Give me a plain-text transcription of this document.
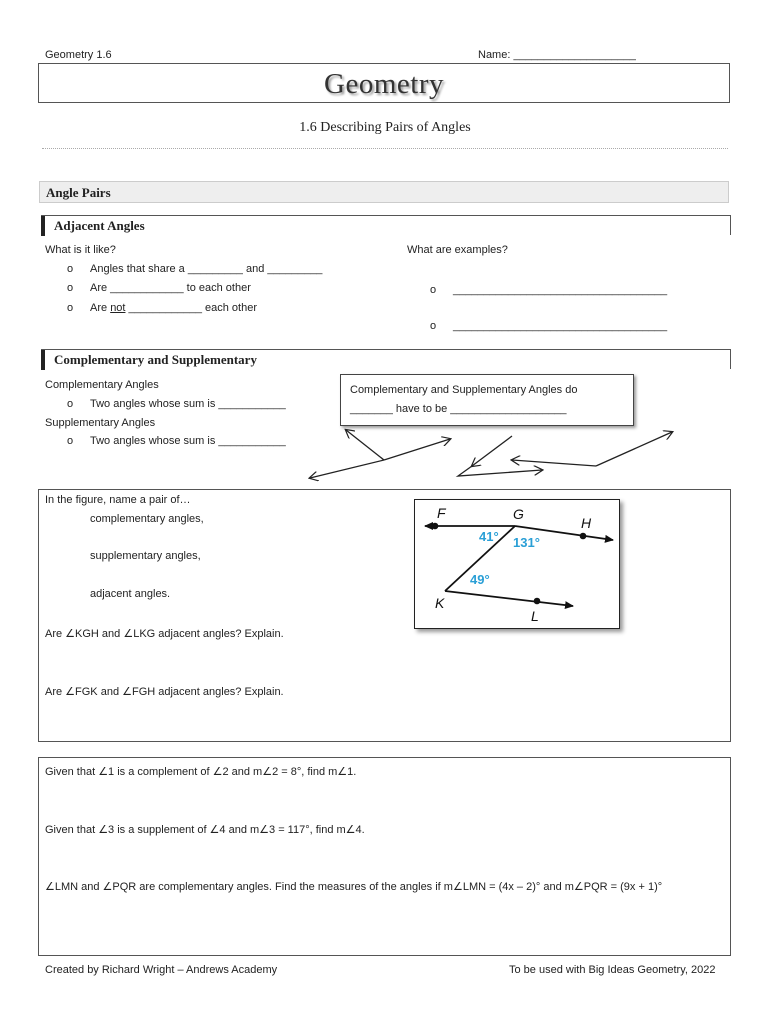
Geometry 1.6	Name: ____________________
Geometry
1.6 Describing Pairs of Angles
Angle Pairs
Adjacent Angles
What is it like?	What are examples?
o Angles that share a _________ and _________
o Are ____________ to each other
o Are not ____________ each other
o ___________________________________
o ___________________________________
Complementary and Supplementary
Complementary Angles
o Two angles whose sum is ___________
Supplementary Angles
o Two angles whose sum is ___________
Complementary and Supplementary Angles do
_______ have to be ___________________
In the figure, name a pair of…
complementary angles,
supplementary angles,
adjacent angles.
Are ∠KGH and ∠LKG adjacent angles? Explain.
Are ∠FGK and ∠FGH adjacent angles? Explain.
F	G
H
K
L
41° 131°
49°
Given that ∠1 is a complement of ∠2 and m∠2 = 8°, find m∠1.
Given that ∠3 is a supplement of ∠4 and m∠3 = 117°, find m∠4.
∠LMN and ∠PQR are complementary angles. Find the measures of the angles if m∠LMN = (4x – 2)° and m∠PQR = (9x + 1)°
Created by Richard Wright – Andrews Academy	To be used with Big Ideas Geometry, 2022
